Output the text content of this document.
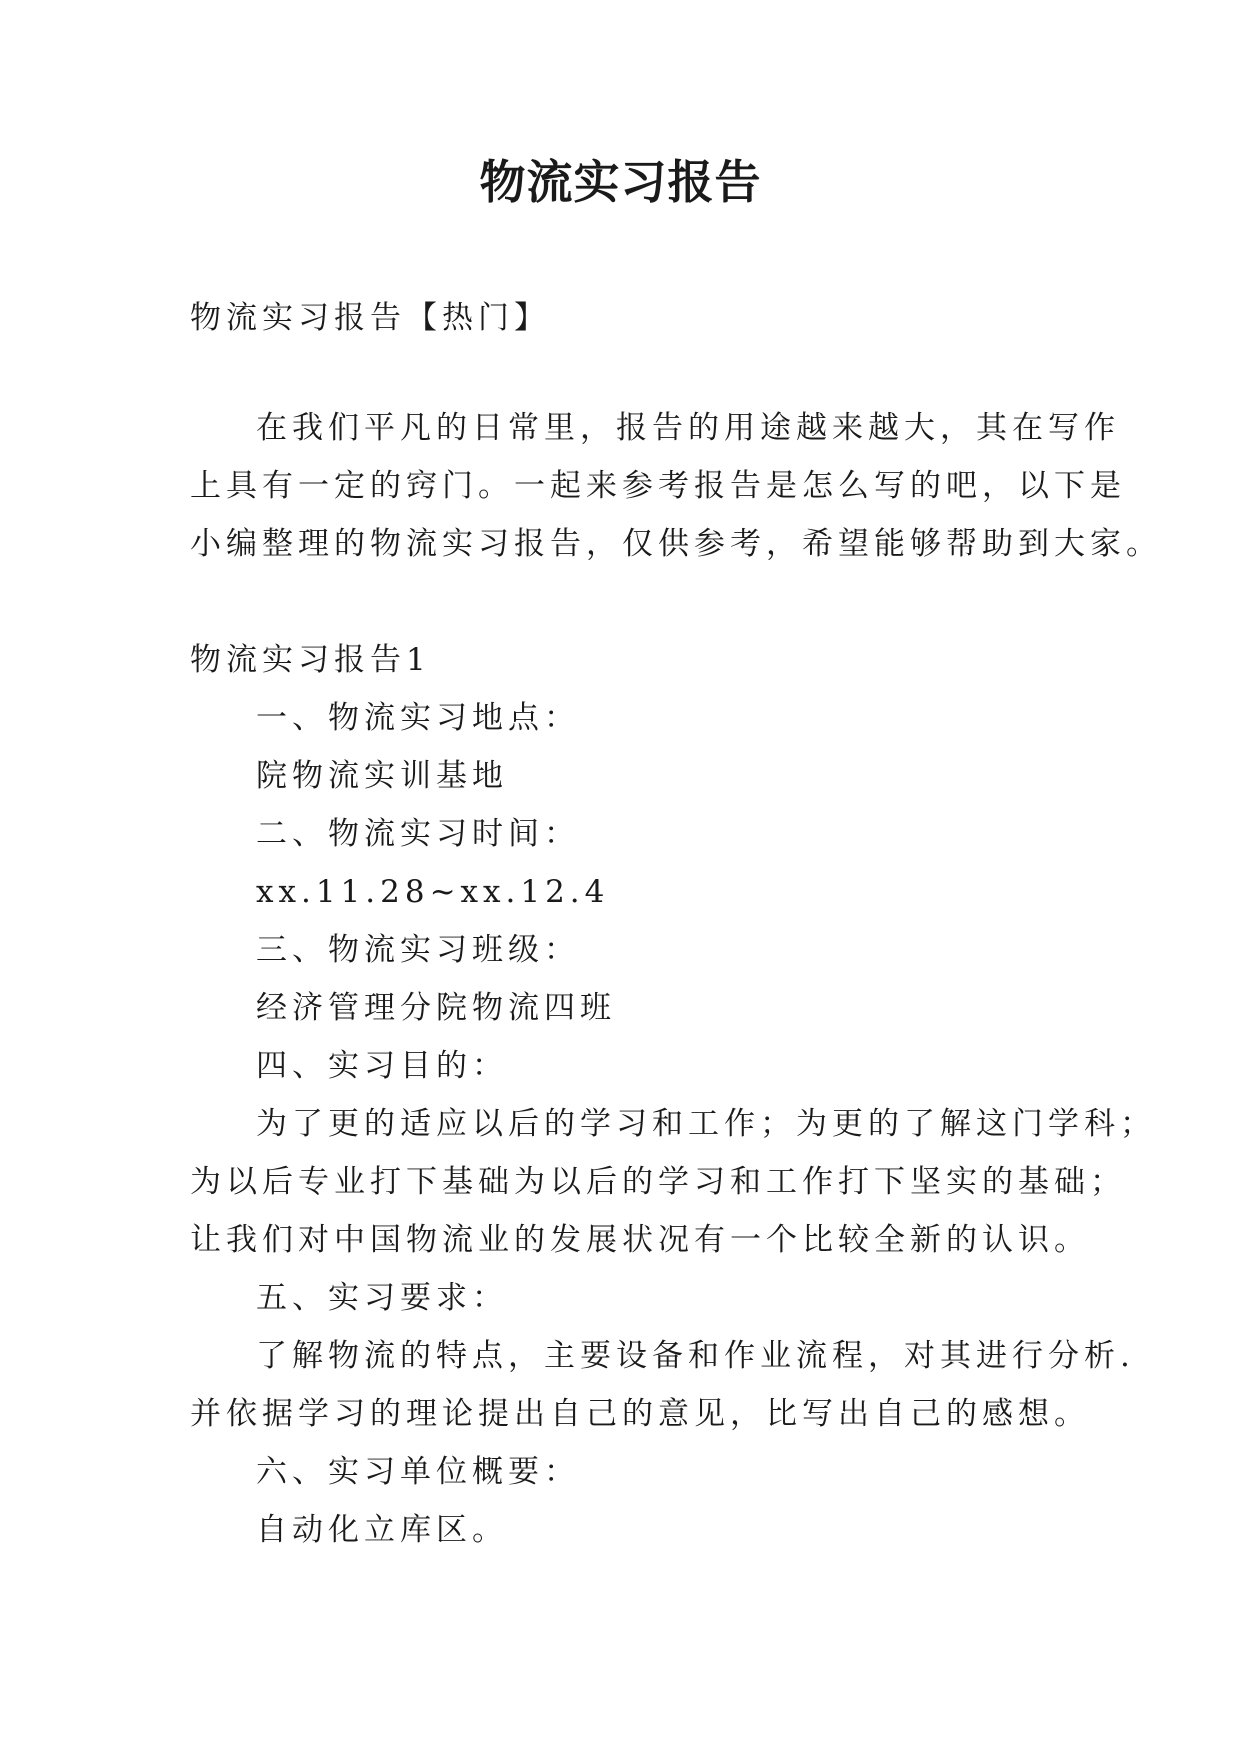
物流实习报告
物流实习报告【热门】
在我们平凡的日常里，报告的用途越来越大，其在写作
上具有一定的窍门。一起来参考报告是怎么写的吧，以下是
小编整理的物流实习报告，仅供参考，希望能够帮助到大家。
物流实习报告1
一、物流实习地点：
院物流实训基地
二、物流实习时间：
xx.11.28~xx.12.4
三、物流实习班级：
经济管理分院物流四班
四、实习目的：
为了更的适应以后的学习和工作；为更的了解这门学科；
为以后专业打下基础为以后的学习和工作打下坚实的基础；
让我们对中国物流业的发展状况有一个比较全新的认识。
五、实习要求：
了解物流的特点，主要设备和作业流程，对其进行分析.
并依据学习的理论提出自己的意见，比写出自己的感想。
六、实习单位概要：
自动化立库区。
